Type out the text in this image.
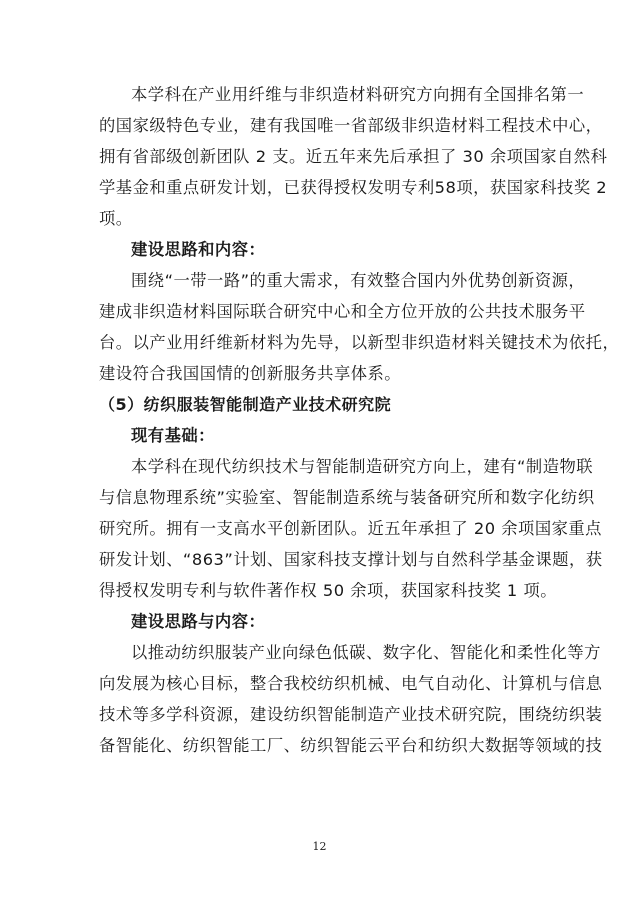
本学科在产业用纤维与非织造材料研究方向拥有全国排名第一
的国家级特色专业，建有我国唯一省部级非织造材料工程技术中心，
拥有省部级创新团队 2 支。近五年来先后承担了 30 余项国家自然科
学基金和重点研发计划，已获得授权发明专利58项，获国家科技奖 2
项。
建设思路和内容：
围绕“一带一路”的重大需求，有效整合国内外优势创新资源，
建成非织造材料国际联合研究中心和全方位开放的公共技术服务平
台。以产业用纤维新材料为先导，以新型非织造材料关键技术为依托，
建设符合我国国情的创新服务共享体系。
（5）纺织服装智能制造产业技术研究院
现有基础：
本学科在现代纺织技术与智能制造研究方向上，建有“制造物联
与信息物理系统”实验室、智能制造系统与装备研究所和数字化纺织
研究所。拥有一支高水平创新团队。近五年承担了 20 余项国家重点
研发计划、“863”计划、国家科技支撑计划与自然科学基金课题，获
得授权发明专利与软件著作权 50 余项，获国家科技奖 1 项。
建设思路与内容：
以推动纺织服装产业向绿色低碳、数字化、智能化和柔性化等方
向发展为核心目标，整合我校纺织机械、电气自动化、计算机与信息
技术等多学科资源，建设纺织智能制造产业技术研究院，围绕纺织装
备智能化、纺织智能工厂、纺织智能云平台和纺织大数据等领域的技
12
